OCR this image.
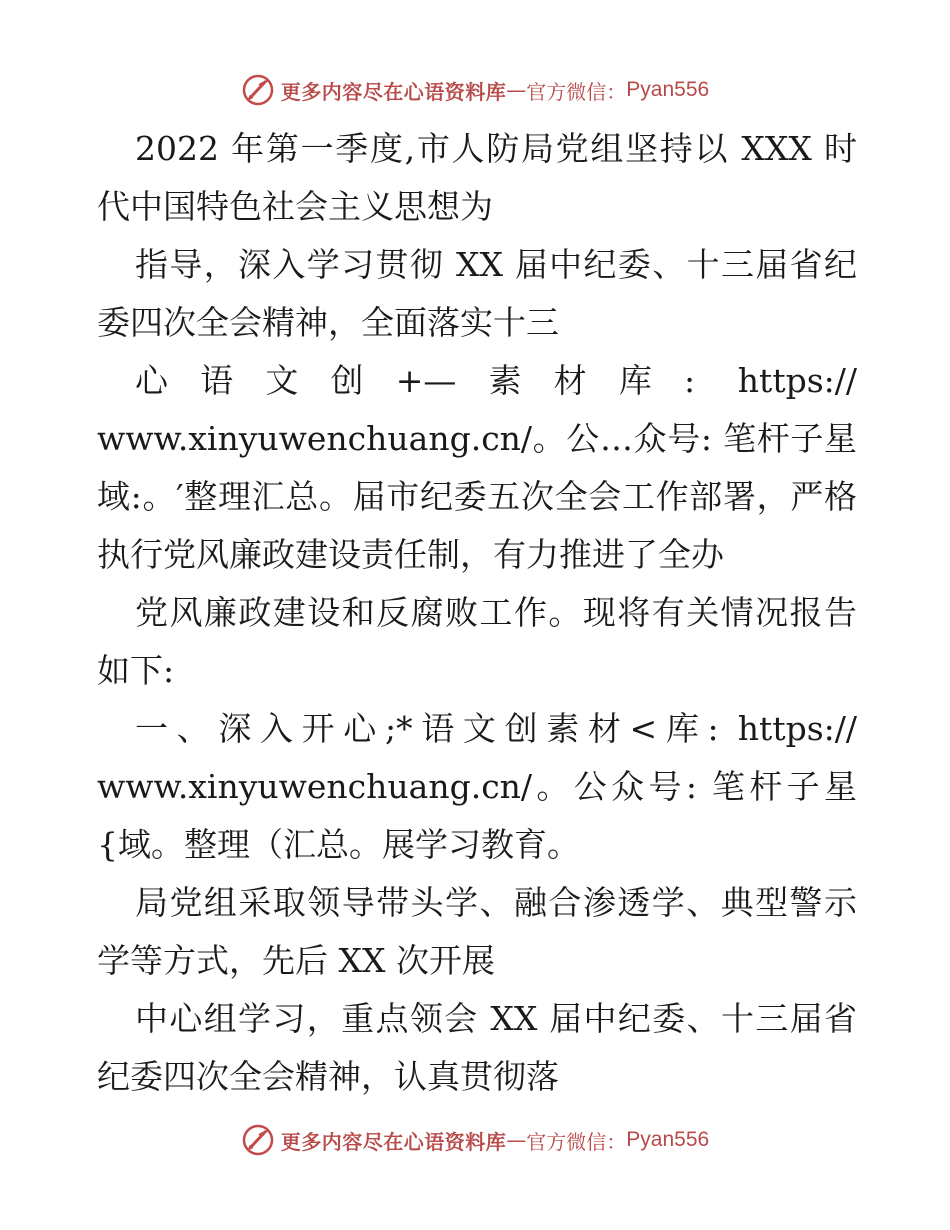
更多内容尽在心语资料库 — 官方微信： Pyan556

2022 年第一季度,市人防局党组坚持以 XXX 时代中国特色社会主义思想为

指导，深入学习贯彻 XX 届中纪委、十三届省纪委四次全会精神，全面落实十三

心语文创+—素材库: https:// www.xinyuwenchuang.cn/。公…众号: 笔杆子星域:。′整理汇总。届市纪委五次全会工作部署，严格执行党风廉政建设责任制，有力推进了全办

党风廉政建设和反腐败工作。现将有关情况报告如下:

一、深入开心;*语文创素材<库: https:// www.xinyuwenchuang.cn/。公众号: 笔杆子星{域。整理（汇总。展学习教育。

局党组采取领导带头学、融合渗透学、典型警示学等方式，先后 XX 次开展

中心组学习，重点领会 XX 届中纪委、十三届省纪委四次全会精神，认真贯彻落

更多内容尽在心语资料库 — 官方微信： Pyan556
